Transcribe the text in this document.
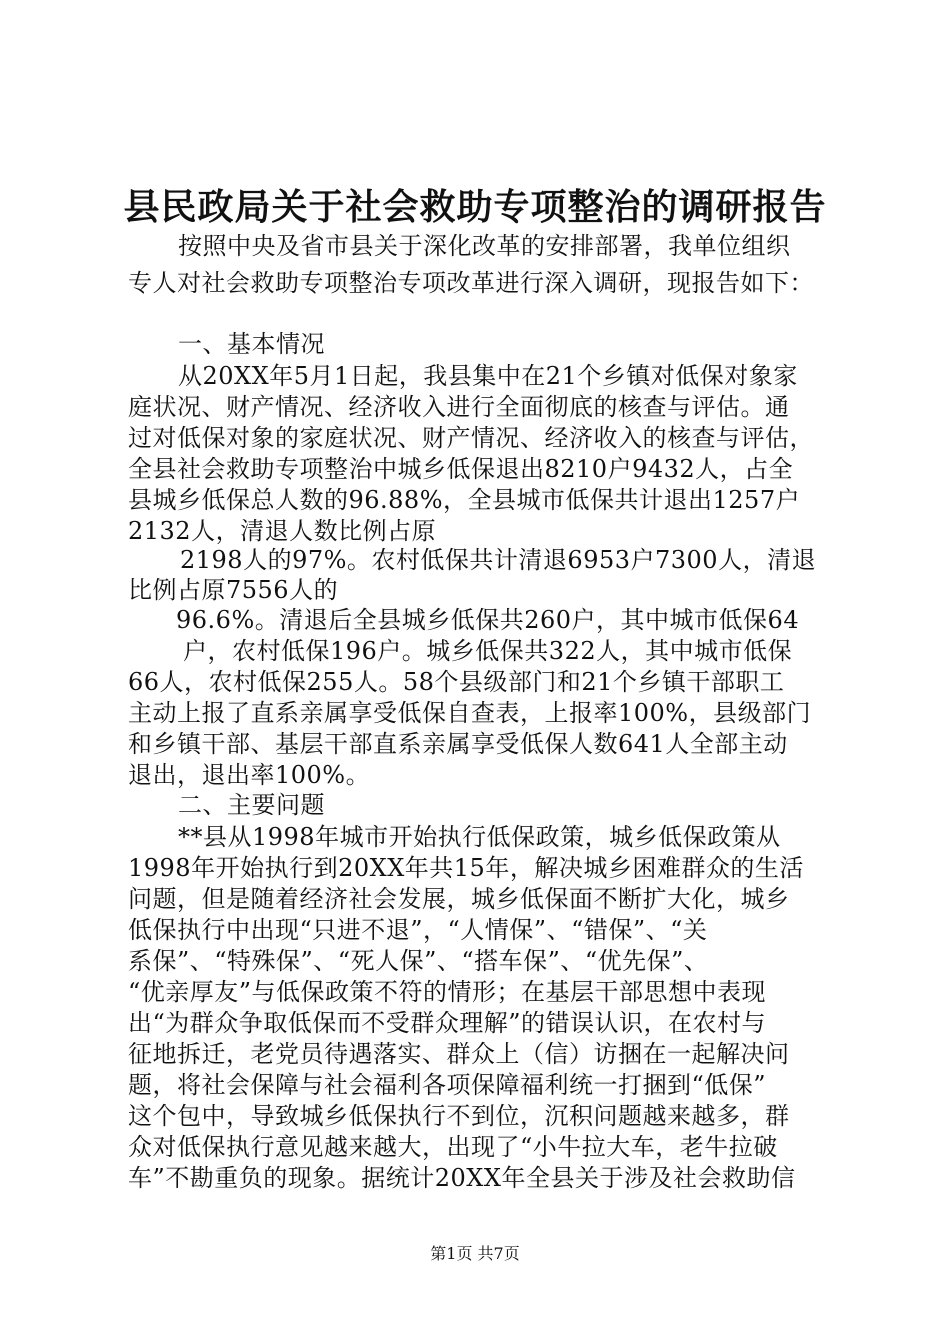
县民政局关于社会救助专项整治的调研报告
按照中央及省市县关于深化改革的安排部署，我单位组织
专人对社会救助专项整治专项改革进行深入调研，现报告如下：
一、基本情况
从20XX年5月1日起，我县集中在21个乡镇对低保对象家
庭状况、财产情况、经济收入进行全面彻底的核查与评估。通
过对低保对象的家庭状况、财产情况、经济收入的核查与评估，
全县社会救助专项整治中城乡低保退出8210户9432人，占全
县城乡低保总人数的96.88%，全县城市低保共计退出1257户
2132人，清退人数比例占原
2198人的97%。农村低保共计清退6953户7300人，清退
比例占原7556人的
96.6%。清退后全县城乡低保共260户，其中城市低保64
户，农村低保196户。城乡低保共322人，其中城市低保
66人，农村低保255人。58个县级部门和21个乡镇干部职工
主动上报了直系亲属享受低保自查表，上报率100%，县级部门
和乡镇干部、基层干部直系亲属享受低保人数641人全部主动
退出，退出率100%。
二、主要问题
**县从1998年城市开始执行低保政策，城乡低保政策从
1998年开始执行到20XX年共15年，解决城乡困难群众的生活
问题，但是随着经济社会发展，城乡低保面不断扩大化，城乡
低保执行中出现“只进不退”，“人情保”、“错保”、“关
系保”、“特殊保”、“死人保”、“搭车保”、“优先保”、
“优亲厚友”与低保政策不符的情形；在基层干部思想中表现
出“为群众争取低保而不受群众理解”的错误认识，在农村与
征地拆迁，老党员待遇落实、群众上（信）访捆在一起解决问
题，将社会保障与社会福利各项保障福利统一打捆到“低保”
这个包中，导致城乡低保执行不到位，沉积问题越来越多，群
众对低保执行意见越来越大，出现了“小牛拉大车，老牛拉破
车”不勘重负的现象。据统计20XX年全县关于涉及社会救助信
第1页 共7页
